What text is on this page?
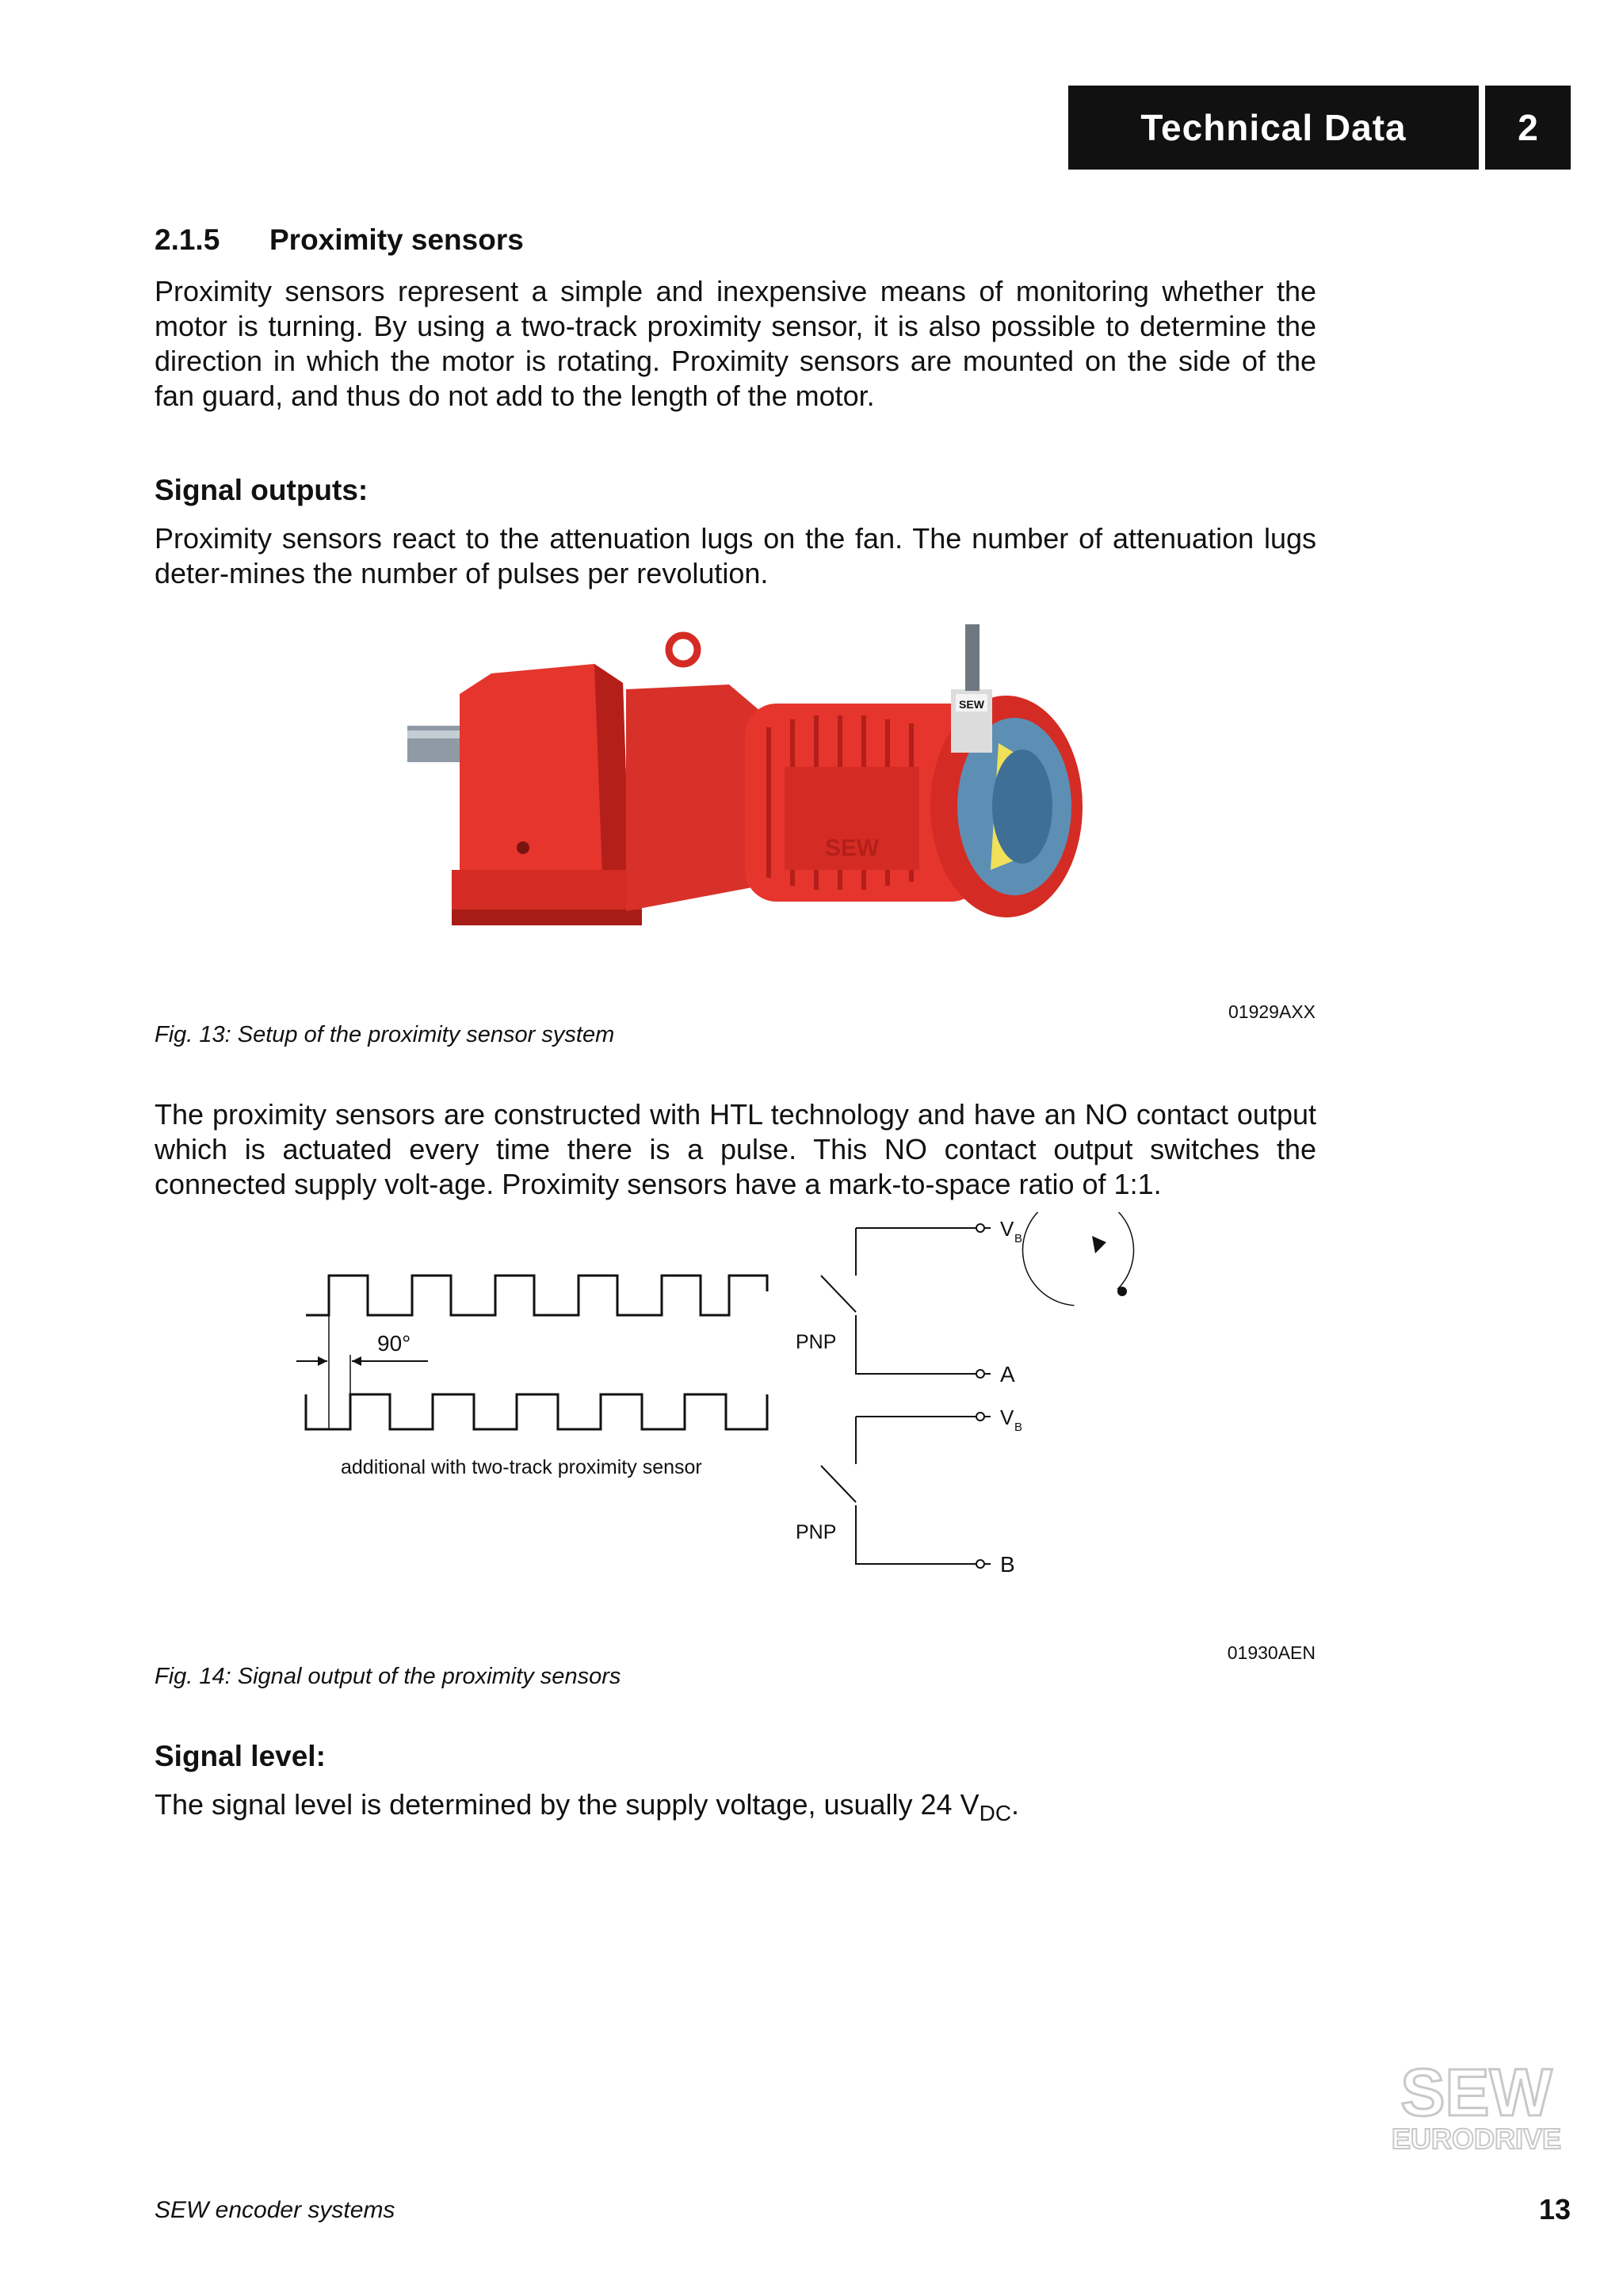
Technical Data	2
2.1.5 Proximity sensors
Proximity sensors represent a simple and inexpensive means of monitoring whether the motor is turning. By using a two-track proximity sensor, it is also possible to determine the direction in which the motor is rotating. Proximity sensors are mounted on the side of the fan guard, and thus do not add to the length of the motor.
Signal outputs:
Proximity sensors react to the attenuation lugs on the fan. The number of attenuation lugs deter-mines the number of pulses per revolution.
SEW
SEW
01929AXX
Fig. 13: Setup of the proximity sensor system
The proximity sensors are constructed with HTL technology and have an NO contact output which is actuated every time there is a pulse. This NO contact output switches the connected supply volt-age. Proximity sensors have a mark-to-space ratio of 1:1.
90°
additional with two-track proximity sensor
PNP
V B
A
PNP
V B
B
01930AEN
Fig. 14: Signal output of the proximity sensors
Signal level:
The signal level is determined by the supply voltage, usually 24 $V_{DC}$.
SEW
EURODRIVE
SEW encoder systems	13
